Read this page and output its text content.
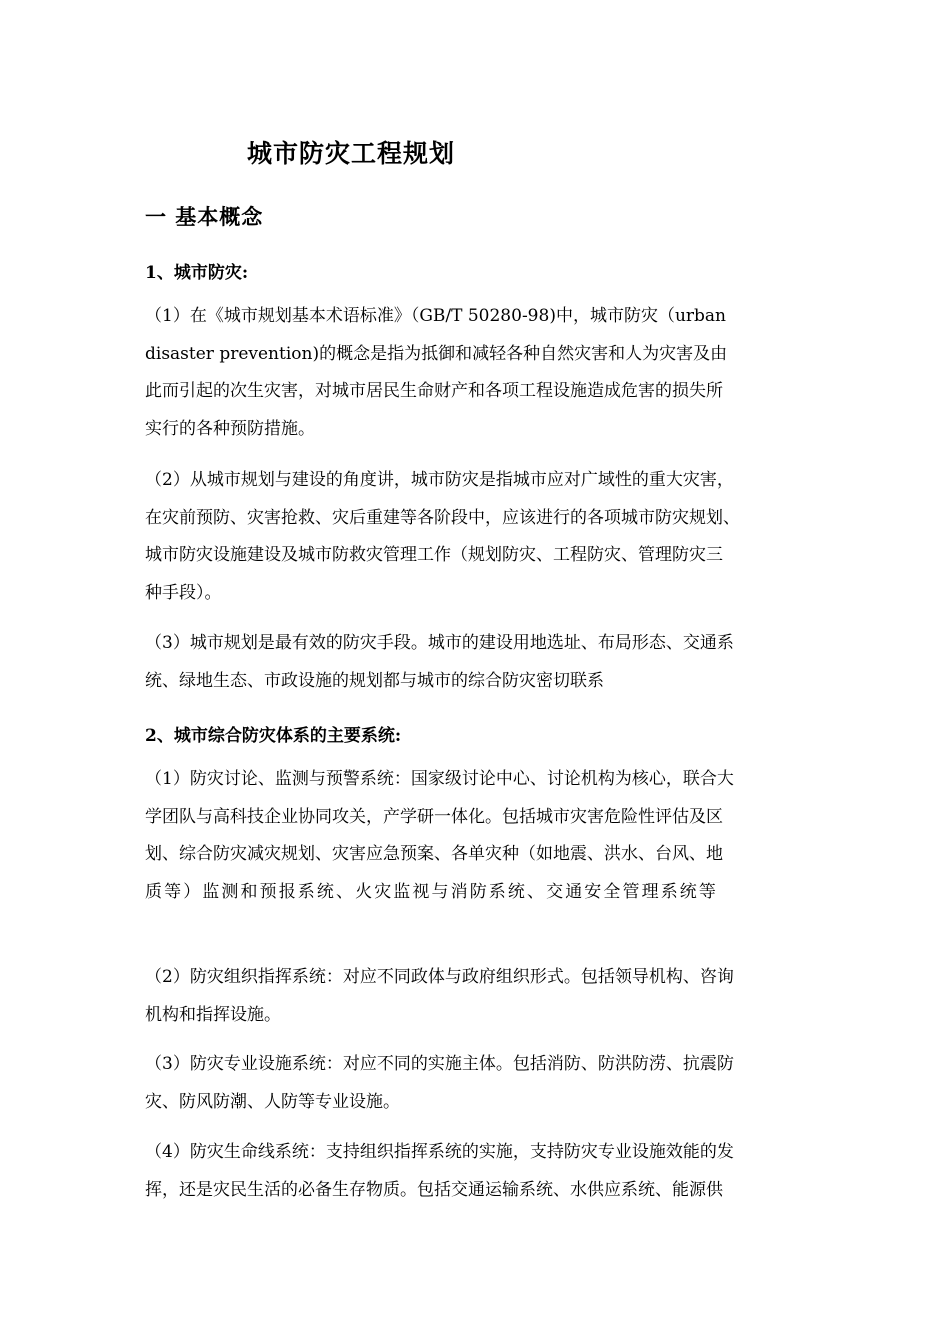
城市防灾工程规划
一 基本概念
1、城市防灾:
（1）在《城市规划基本术语标准》（GB/T 50280-98)中，城市防灾（urban
disaster prevention)的概念是指为抵御和减轻各种自然灾害和人为灾害及由
此而引起的次生灾害，对城市居民生命财产和各项工程设施造成危害的损失所
实行的各种预防措施。
（2）从城市规划与建设的角度讲，城市防灾是指城市应对广域性的重大灾害，
在灾前预防、灾害抢救、灾后重建等各阶段中，应该进行的各项城市防灾规划、
城市防灾设施建设及城市防救灾管理工作（规划防灾、工程防灾、管理防灾三
种手段）。
（3）城市规划是最有效的防灾手段。城市的建设用地选址、布局形态、交通系
统、绿地生态、市政设施的规划都与城市的综合防灾密切联系
2、城市综合防灾体系的主要系统:
（1）防灾讨论、监测与预警系统：国家级讨论中心、讨论机构为核心，联合大
学团队与高科技企业协同攻关，产学研一体化。包括城市灾害危险性评估及区
划、综合防灾减灾规划、灾害应急预案、各单灾种（如地震、洪水、台风、地
质等）监测和预报系统、火灾监视与消防系统、交通安全管理系统等
（2）防灾组织指挥系统：对应不同政体与政府组织形式。包括领导机构、咨询
机构和指挥设施。
（3）防灾专业设施系统：对应不同的实施主体。包括消防、防洪防涝、抗震防
灾、防风防潮、人防等专业设施。
（4）防灾生命线系统：支持组织指挥系统的实施，支持防灾专业设施效能的发
挥，还是灾民生活的必备生存物质。包括交通运输系统、水供应系统、能源供
